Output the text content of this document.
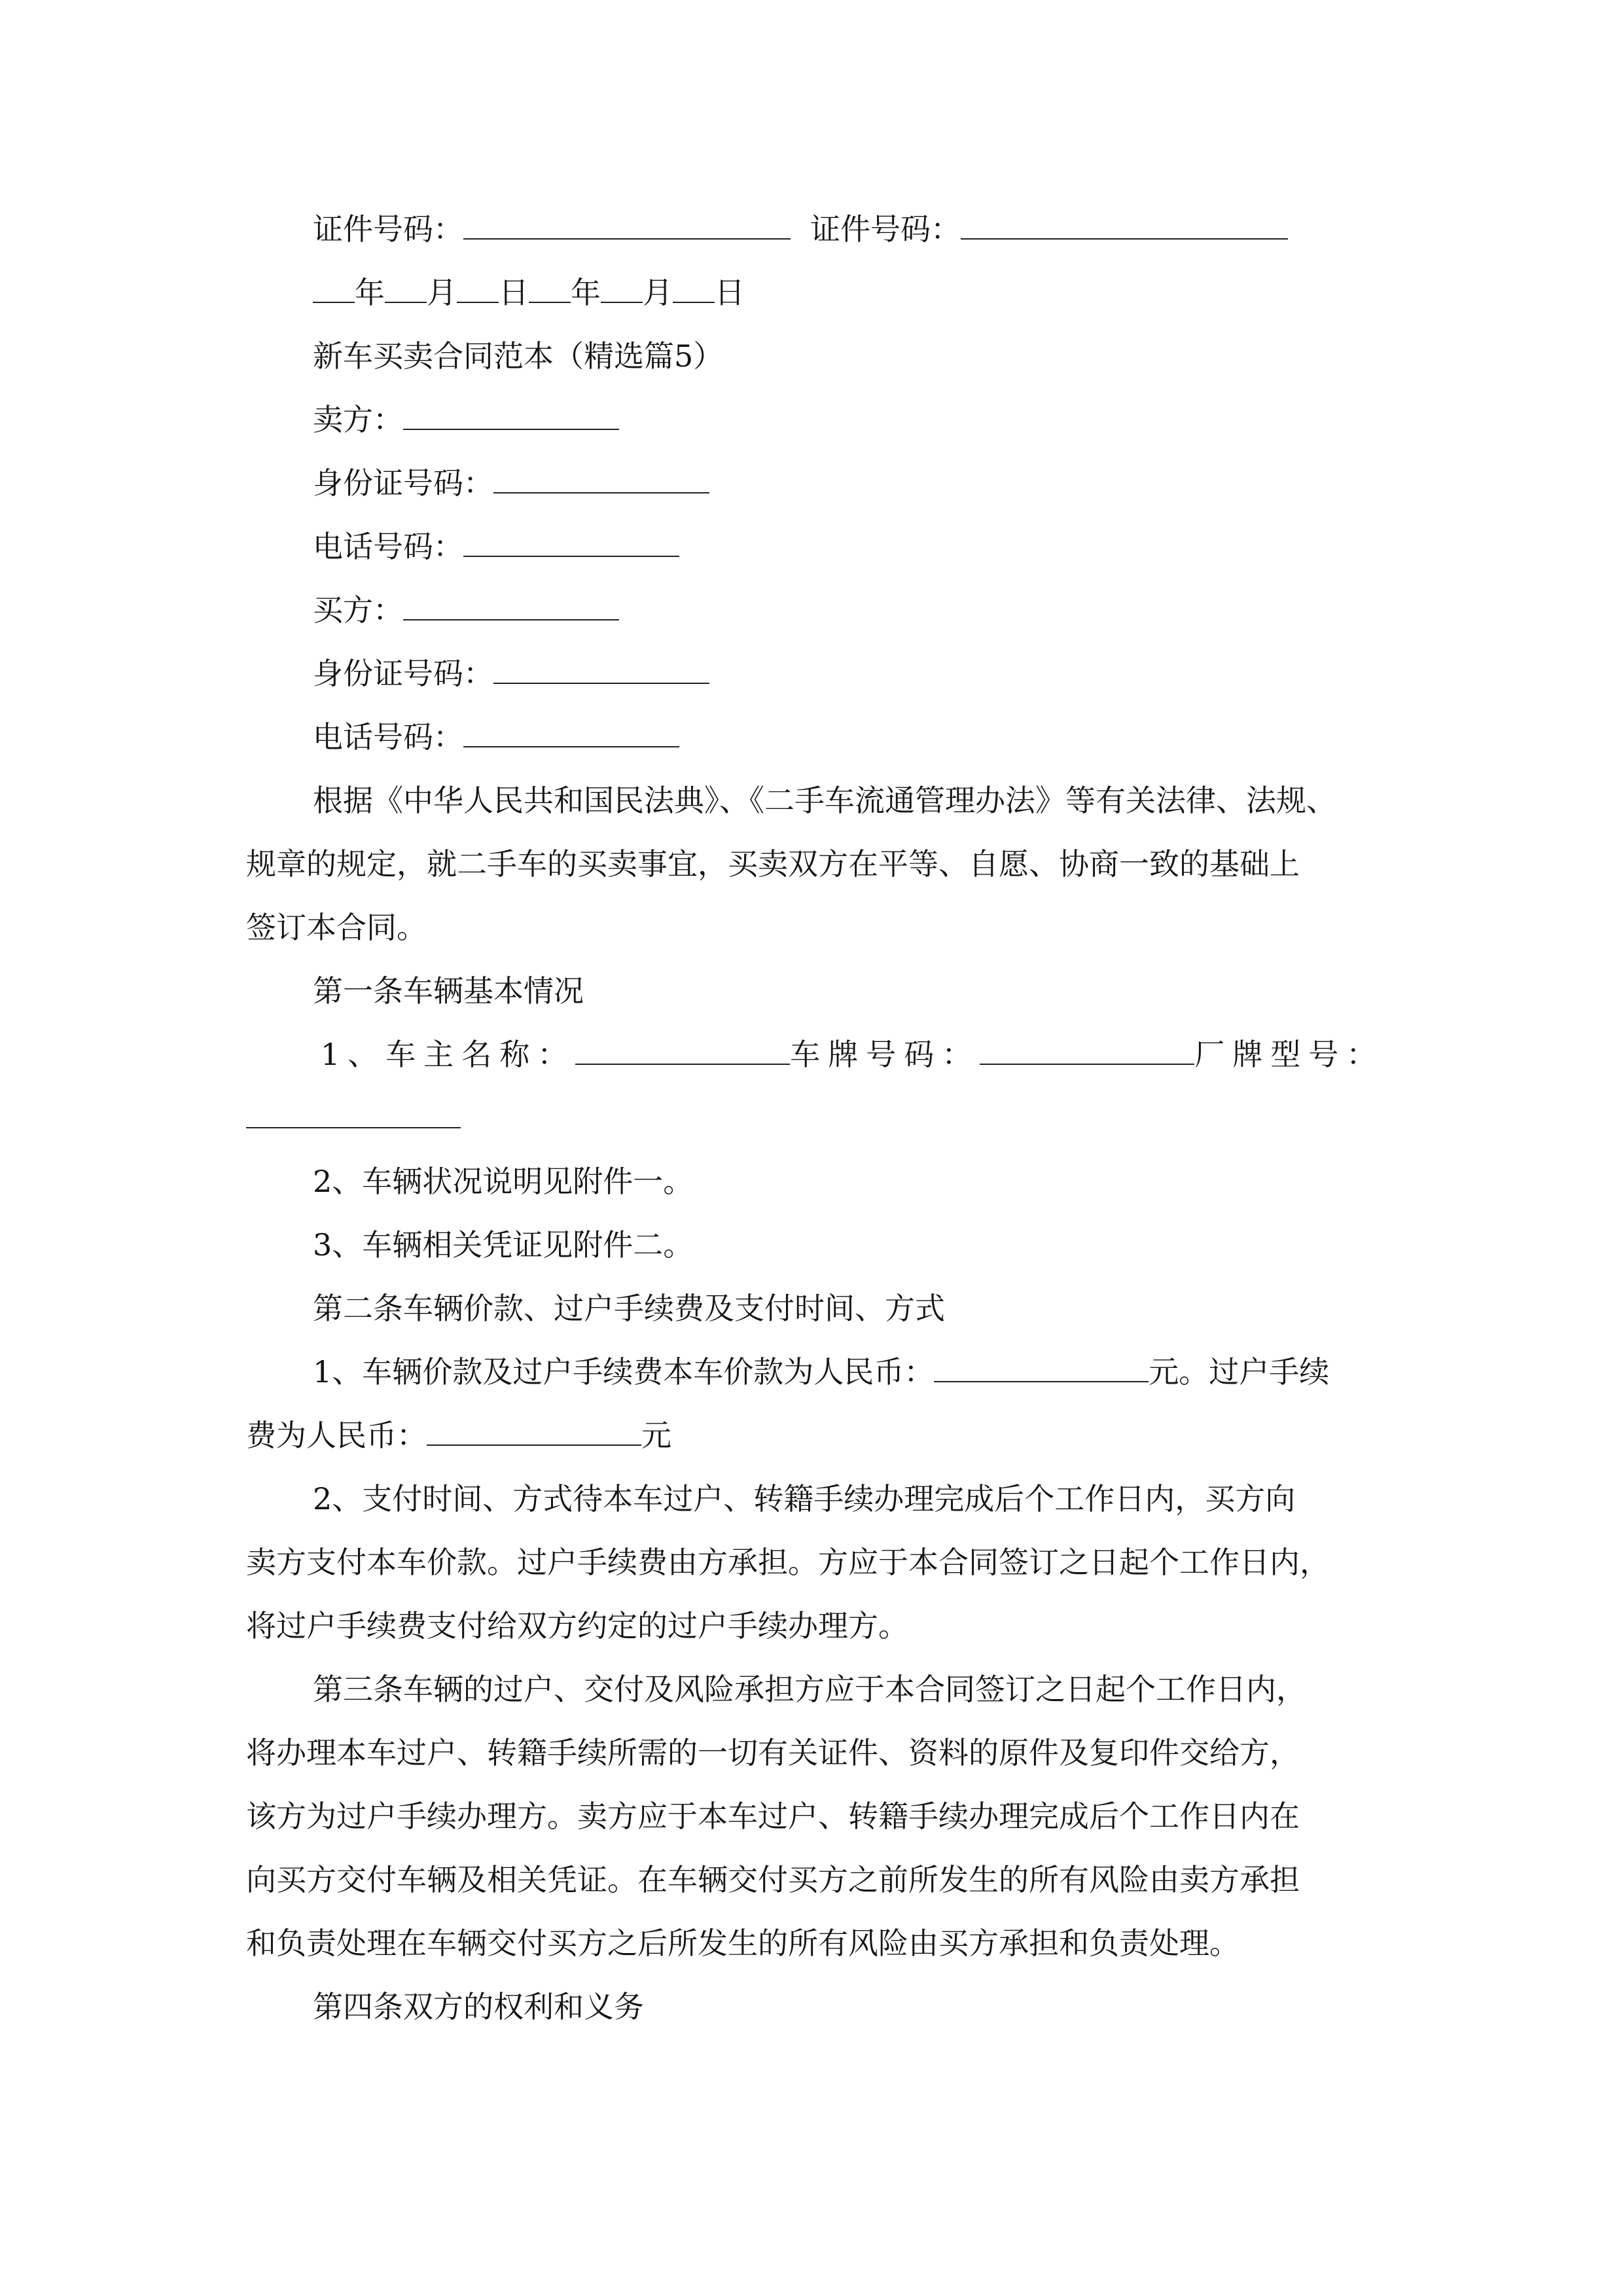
证件号码：	证件号码：
年 月 日 年 月 日
新车买卖合同范本（精选篇5）
卖方：
身份证号码：
电话号码：
买方：
身份证号码：
电话号码：
根据《中华人民共和国民法典》、《二手车流通管理办法》等有关法律、法规、
规章的规定，就二手车的买卖事宜，买卖双方在平等、自愿、协商一致的基础上
签订本合同。
第一条车辆基本情况
1、车主名称：	车牌号码：	厂牌型号：
2、车辆状况说明见附件一。
3、车辆相关凭证见附件二。
第二条车辆价款、过户手续费及支付时间、方式
1、车辆价款及过户手续费本车价款为人民币：	元。过户手续
费为人民币：	元
2、支付时间、方式待本车过户、转籍手续办理完成后个工作日内，买方向
卖方支付本车价款。过户手续费由方承担。方应于本合同签订之日起个工作日内，
将过户手续费支付给双方约定的过户手续办理方。
第三条车辆的过户、交付及风险承担方应于本合同签订之日起个工作日内，
将办理本车过户、转籍手续所需的一切有关证件、资料的原件及复印件交给方，
该方为过户手续办理方。卖方应于本车过户、转籍手续办理完成后个工作日内在
向买方交付车辆及相关凭证。在车辆交付买方之前所发生的所有风险由卖方承担
和负责处理在车辆交付买方之后所发生的所有风险由买方承担和负责处理。
第四条双方的权利和义务
